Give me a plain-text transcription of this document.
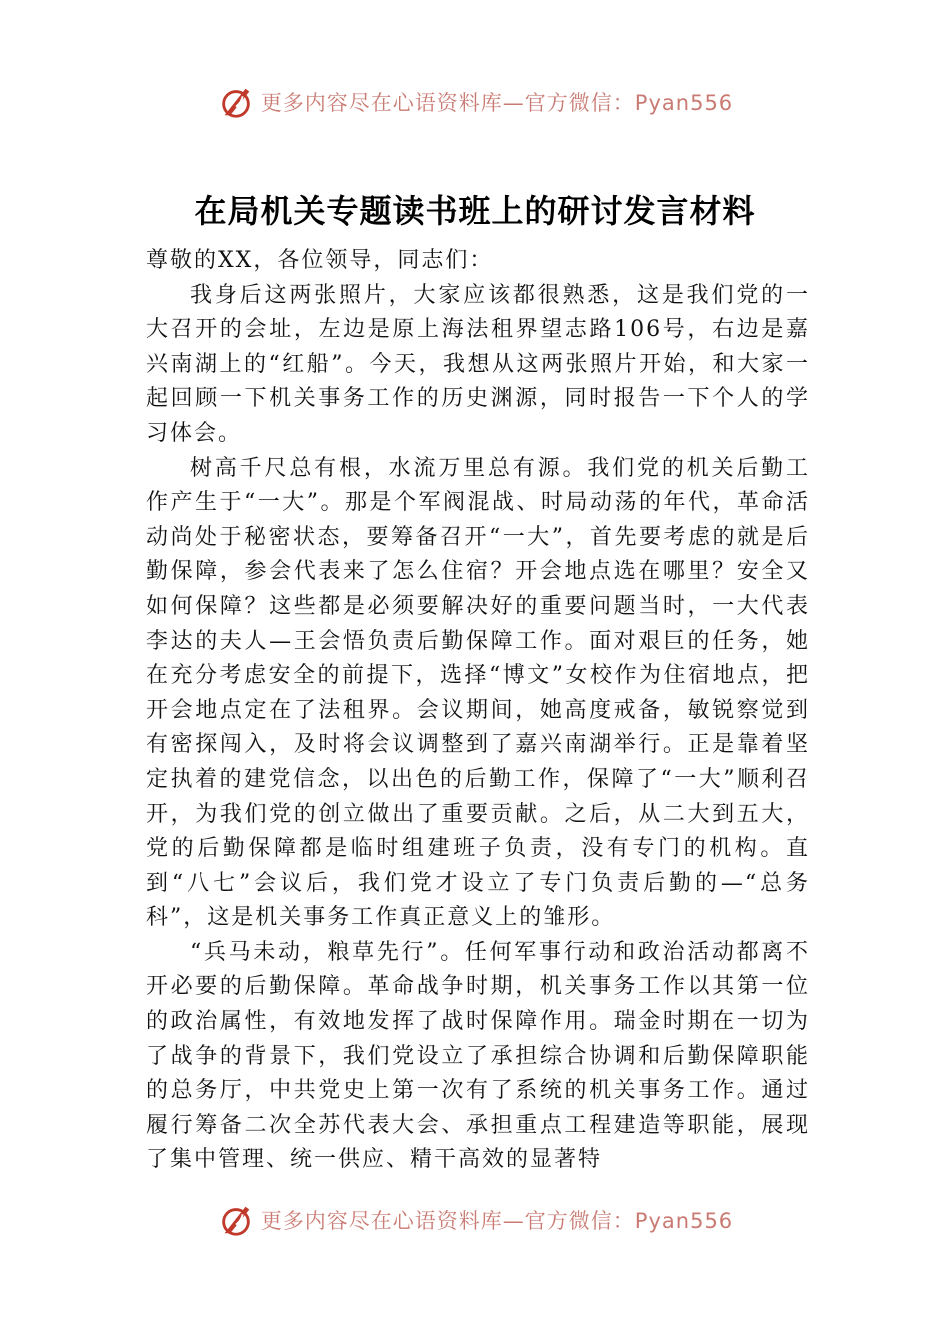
更多内容尽在心语资料库—官方微信：Pyan556
在局机关专题读书班上的研讨发言材料

尊敬的XX，各位领导，同志们：

我身后这两张照片，大家应该都很熟悉，这是我们党的一大召开的会址，左边是原上海法租界望志路106号，右边是嘉兴南湖上的“红船”。今天，我想从这两张照片开始，和大家一起回顾一下机关事务工作的历史渊源，同时报告一下个人的学习体会。

树高千尺总有根，水流万里总有源。我们党的机关后勤工作产生于“一大”。那是个军阀混战、时局动荡的年代，革命活动尚处于秘密状态，要筹备召开“一大”，首先要考虑的就是后勤保障，参会代表来了怎么住宿？开会地点选在哪里？安全又如何保障？这些都是必须要解决好的重要问题当时，一大代表李达的夫人—王会悟负责后勤保障工作。面对艰巨的任务，她在充分考虑安全的前提下，选择“博文”女校作为住宿地点，把开会地点定在了法租界。会议期间，她高度戒备，敏锐察觉到有密探闯入，及时将会议调整到了嘉兴南湖举行。正是靠着坚定执着的建党信念，以出色的后勤工作，保障了“一大”顺利召开，为我们党的创立做出了重要贡献。之后，从二大到五大，党的后勤保障都是临时组建班子负责，没有专门的机构。直到“八七”会议后，我们党才设立了专门负责后勤的—“总务科”，这是机关事务工作真正意义上的雏形。

“兵马未动，粮草先行”。任何军事行动和政治活动都离不开必要的后勤保障。革命战争时期，机关事务工作以其第一位的政治属性，有效地发挥了战时保障作用。瑞金时期在一切为了战争的背景下，我们党设立了承担综合协调和后勤保障职能的总务厅，中共党史上第一次有了系统的机关事务工作。通过履行筹备二次全苏代表大会、承担重点工程建造等职能，展现了集中管理、统一供应、精干高效的显著特

更多内容尽在心语资料库—官方微信：Pyan556
